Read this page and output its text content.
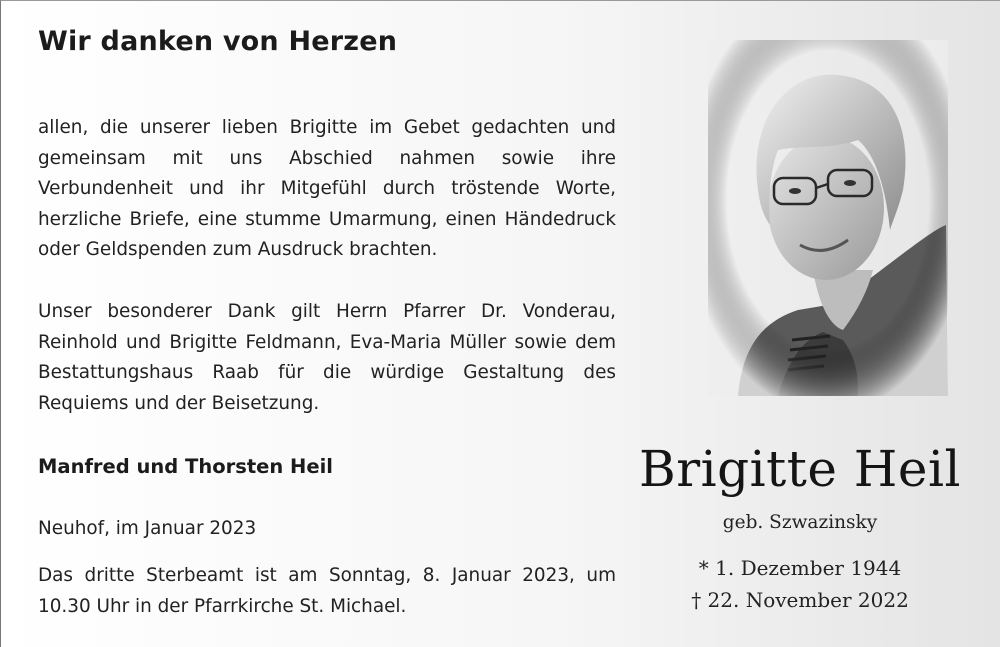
Wir danken von Herzen
allen, die unserer lieben Brigitte im Gebet gedachten und gemeinsam mit uns Abschied nahmen sowie ihre Verbundenheit und ihr Mitgefühl durch tröstende Worte, herzliche Briefe, eine stumme Umarmung, einen Händedruck oder Geldspenden zum Ausdruck brachten.
Unser besonderer Dank gilt Herrn Pfarrer Dr. Vonderau, Reinhold und Brigitte Feldmann, Eva-Maria Müller sowie dem Bestattungshaus Raab für die würdige Gestaltung des Requiems und der Beisetzung.
Manfred und Thorsten Heil
Neuhof, im Januar 2023
Das dritte Sterbeamt ist am Sonntag, 8. Januar 2023, um 10.30 Uhr in der Pfarrkirche St. Michael.
Brigitte Heil
geb. Szwazinsky
* 1. Dezember 1944
† 22. November 2022
